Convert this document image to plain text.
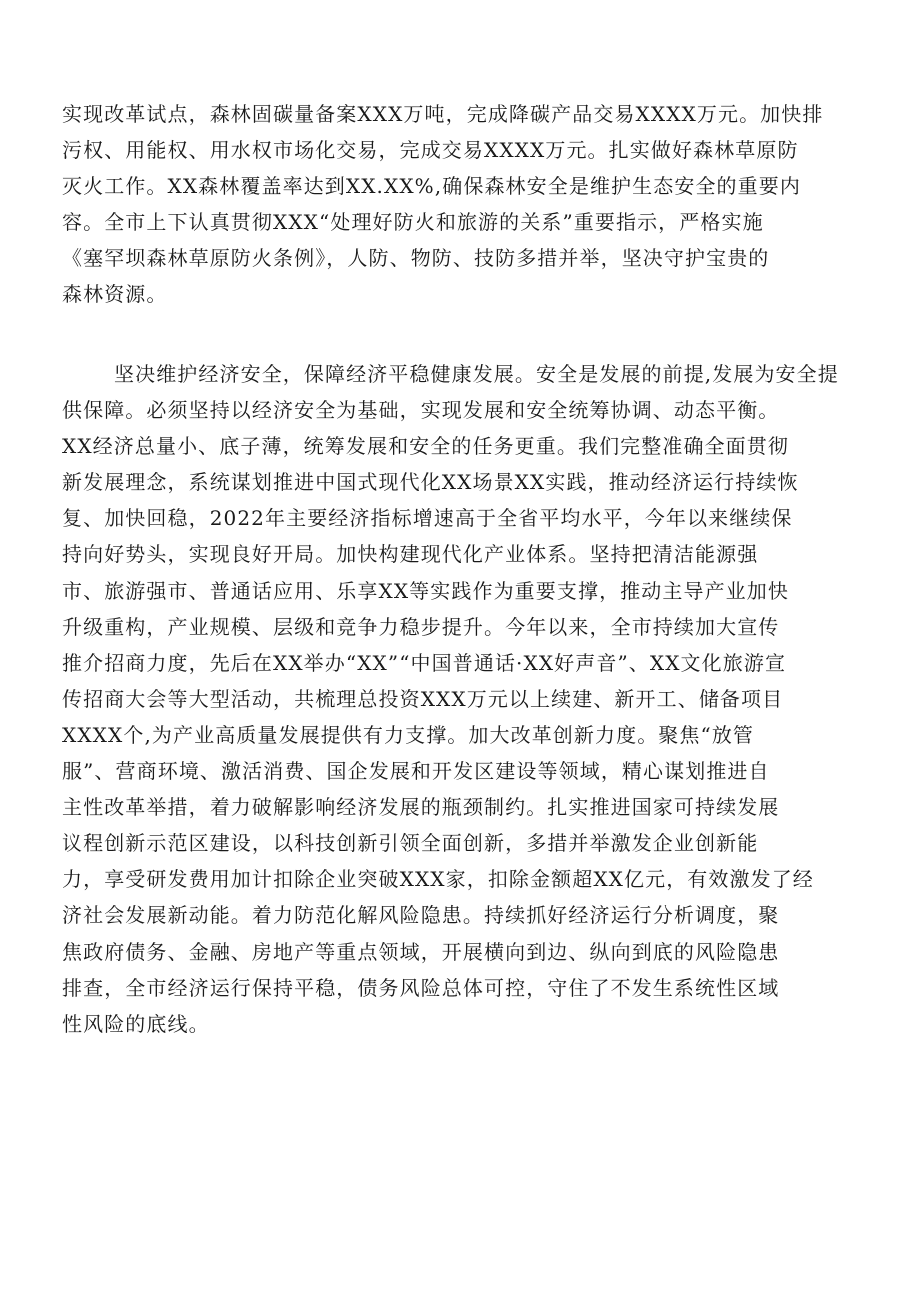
实现改革试点，森林固碳量备案XXX万吨，完成降碳产品交易XXXX万元。加快排
污权、用能权、用水权市场化交易，完成交易XXXX万元。扎实做好森林草原防
灭火工作。XX森林覆盖率达到XX.XX%,确保森林安全是维护生态安全的重要内
容。全市上下认真贯彻XXX“处理好防火和旅游的关系”重要指示，严格实施
《塞罕坝森林草原防火条例》，人防、物防、技防多措并举，坚决守护宝贵的
森林资源。
坚决维护经济安全，保障经济平稳健康发展。安全是发展的前提,发展为安全提
供保障。必须坚持以经济安全为基础，实现发展和安全统筹协调、动态平衡。
XX经济总量小、底子薄，统筹发展和安全的任务更重。我们完整准确全面贯彻
新发展理念，系统谋划推进中国式现代化XX场景XX实践，推动经济运行持续恢
复、加快回稳，2022年主要经济指标增速高于全省平均水平，今年以来继续保
持向好势头，实现良好开局。加快构建现代化产业体系。坚持把清洁能源强
市、旅游强市、普通话应用、乐享XX等实践作为重要支撑，推动主导产业加快
升级重构，产业规模、层级和竞争力稳步提升。今年以来，全市持续加大宣传
推介招商力度，先后在XX举办“XX”“中国普通话·XX好声音”、XX文化旅游宣
传招商大会等大型活动，共梳理总投资XXX万元以上续建、新开工、储备项目
XXXX个,为产业高质量发展提供有力支撑。加大改革创新力度。聚焦“放管
服”、营商环境、激活消费、国企发展和开发区建设等领域，精心谋划推进自
主性改革举措，着力破解影响经济发展的瓶颈制约。扎实推进国家可持续发展
议程创新示范区建设，以科技创新引领全面创新，多措并举激发企业创新能
力，享受研发费用加计扣除企业突破XXX家，扣除金额超XX亿元，有效激发了经
济社会发展新动能。着力防范化解风险隐患。持续抓好经济运行分析调度，聚
焦政府债务、金融、房地产等重点领域，开展横向到边、纵向到底的风险隐患
排查，全市经济运行保持平稳，债务风险总体可控，守住了不发生系统性区域
性风险的底线。
